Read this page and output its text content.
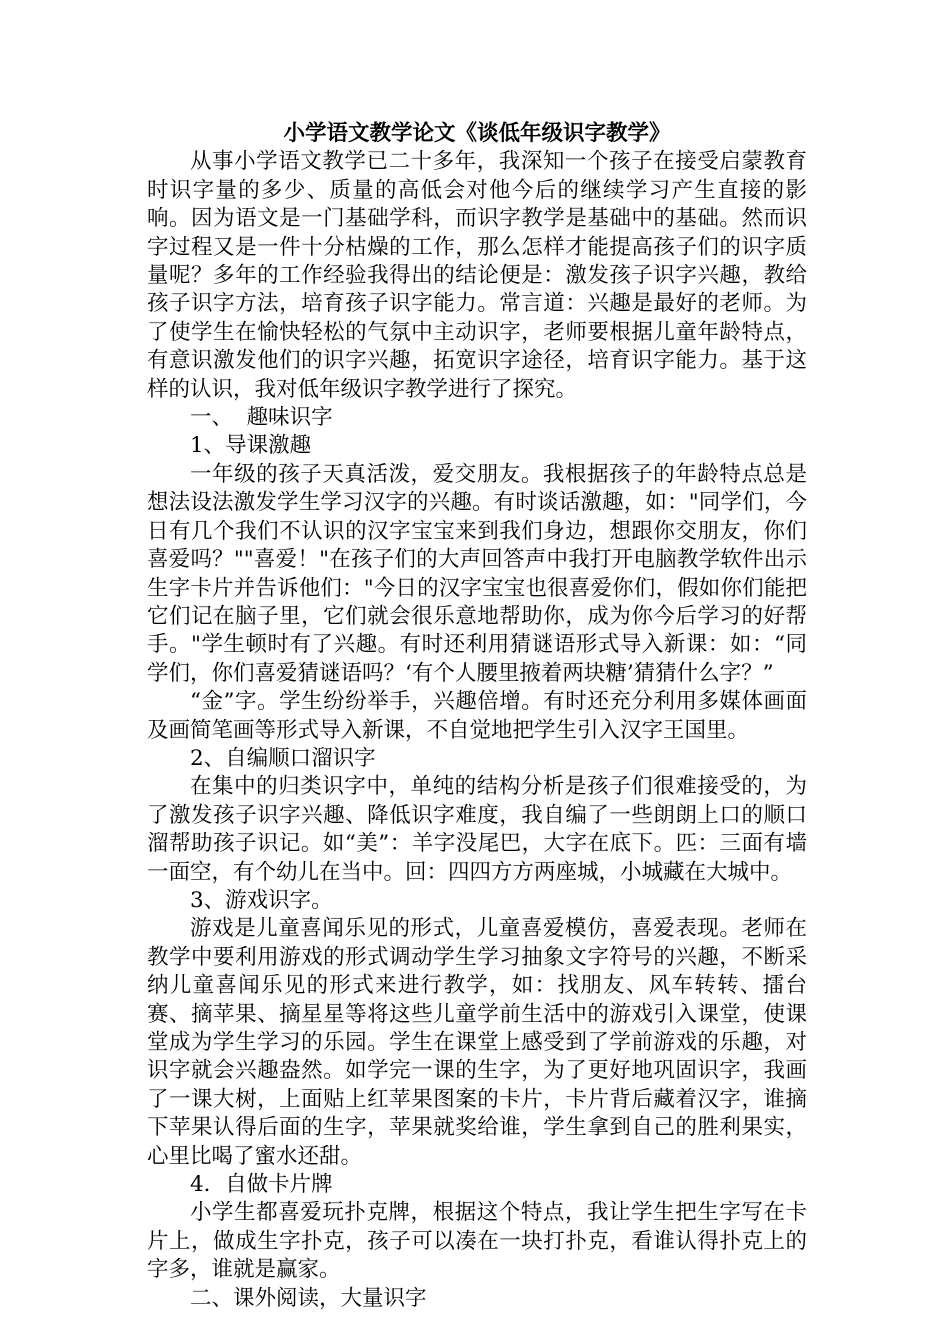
小学语文教学论文《谈低年级识字教学》

从事小学语文教学已二十多年，我深知一个孩子在接受启蒙教育时识字量的多少、质量的高低会对他今后的继续学习产生直接的影响。因为语文是一门基础学科，而识字教学是基础中的基础。然而识字过程又是一件十分枯燥的工作，那么怎样才能提高孩子们的识字质量呢？多年的工作经验我得出的结论便是：激发孩子识字兴趣，教给孩子识字方法，培育孩子识字能力。常言道：兴趣是最好的老师。为了使学生在愉快轻松的气氛中主动识字，老师要根据儿童年龄特点，有意识激发他们的识字兴趣，拓宽识字途径，培育识字能力。基于这样的认识，我对低年级识字教学进行了探究。

一、  趣味识字

1、导课激趣

一年级的孩子天真活泼，爱交朋友。我根据孩子的年龄特点总是想法设法激发学生学习汉字的兴趣。有时谈话激趣，如："同学们，今日有几个我们不认识的汉字宝宝来到我们身边，想跟你交朋友，你们喜爱吗？""喜爱！"在孩子们的大声回答声中我打开电脑教学软件出示生字卡片并告诉他们："今日的汉字宝宝也很喜爱你们，假如你们能把它们记在脑子里，它们就会很乐意地帮助你，成为你今后学习的好帮手。"学生顿时有了兴趣。有时还利用猜谜语形式导入新课：如：“同学们，你们喜爱猜谜语吗？‘有个人腰里掖着两块糖’猜猜什么字？”

“金”字。学生纷纷举手，兴趣倍增。有时还充分利用多媒体画面及画简笔画等形式导入新课，不自觉地把学生引入汉字王国里。

2、自编顺口溜识字

在集中的归类识字中，单纯的结构分析是孩子们很难接受的，为了激发孩子识字兴趣、降低识字难度，我自编了一些朗朗上口的顺口溜帮助孩子识记。如“美”：羊字没尾巴，大字在底下。匹：三面有墙一面空，有个幼儿在当中。回：四四方方两座城，小城藏在大城中。

3、游戏识字。

游戏是儿童喜闻乐见的形式，儿童喜爱模仿，喜爱表现。老师在教学中要利用游戏的形式调动学生学习抽象文字符号的兴趣，不断采纳儿童喜闻乐见的形式来进行教学，如：找朋友、风车转转、擂台赛、摘苹果、摘星星等将这些儿童学前生活中的游戏引入课堂，使课堂成为学生学习的乐园。学生在课堂上感受到了学前游戏的乐趣，对识字就会兴趣盎然。如学完一课的生字，为了更好地巩固识字，我画了一课大树，上面贴上红苹果图案的卡片，卡片背后藏着汉字，谁摘下苹果认得后面的生字，苹果就奖给谁，学生拿到自己的胜利果实，心里比喝了蜜水还甜。

4．自做卡片牌

小学生都喜爱玩扑克牌，根据这个特点，我让学生把生字写在卡片上，做成生字扑克，孩子可以凑在一块打扑克，看谁认得扑克上的字多，谁就是赢家。

二、课外阅读，大量识字
